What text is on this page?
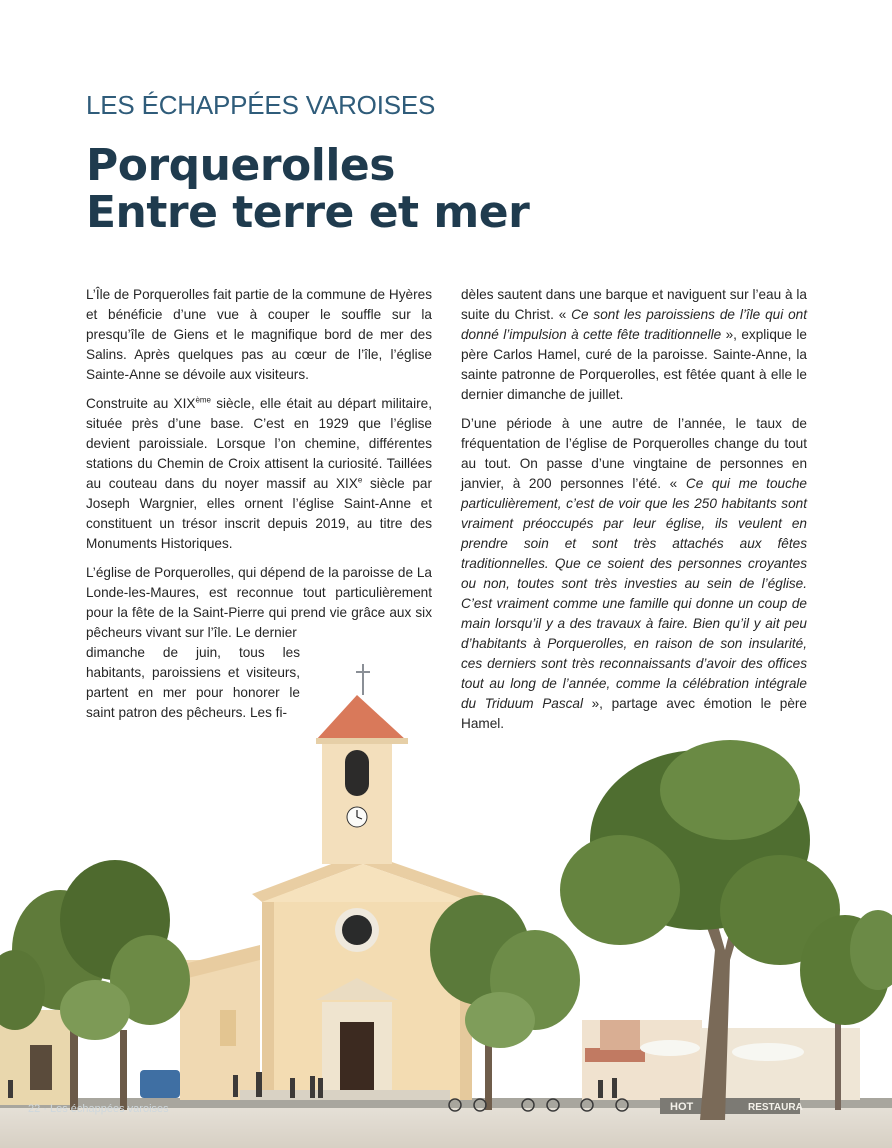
LES ÉCHAPPÉES VAROISES
Porquerolles
Entre terre et mer

L’Île de Porquerolles fait partie de la commune de Hyères et bénéficie d’une vue à couper le souffle sur la presqu’île de Giens et le magnifique bord de mer des Salins. Après quelques pas au cœur de l’île, l’église Sainte-Anne se dévoile aux visiteurs.

Construite au XIXème siècle, elle était au départ militaire, située près d’une base. C’est en 1929 que l’église devient paroissiale. Lorsque l’on chemine, différentes stations du Chemin de Croix attisent la curiosité. Taillées au couteau dans du noyer massif au XIXe siècle par Joseph Wargnier, elles ornent l’église Saint-Anne et constituent un trésor inscrit depuis 2019, au titre des Monuments Historiques.

L’église de Porquerolles, qui dépend de la paroisse de La Londe-les-Maures, est reconnue tout particulièrement pour la fête de la Saint-Pierre qui prend vie grâce aux six pêcheurs vivant sur l’île. Le dernier

dimanche de juin, tous les habitants, paroissiens et visiteurs, partent en mer pour honorer le saint patron des pêcheurs. Les fi-

dèles sautent dans une barque et naviguent sur l’eau à la suite du Christ. « Ce sont les paroissiens de l’île qui ont donné l’impulsion à cette fête traditionnelle », explique le père Carlos Hamel, curé de la paroisse. Sainte-Anne, la sainte patronne de Porquerolles, est fêtée quant à elle le dernier dimanche de juillet.

D’une période à une autre de l’année, le taux de fréquentation de l’église de Porquerolles change du tout au tout. On passe d’une vingtaine de personnes en janvier, à 200 personnes l’été. « Ce qui me touche particulièrement, c’est de voir que les 250 habitants sont vraiment préoccupés par leur église, ils veulent en prendre soin et sont très attachés aux fêtes traditionnelles. Que ce soient des personnes croyantes ou non, toutes sont très investies au sein de l’église. C’est vraiment comme une famille qui donne un coup de main lorsqu’il y a des travaux à faire. Bien qu’il y ait peu d’habitants à Porquerolles, en raison de son insularité, ces derniers sont très reconnaissants d’avoir des offices tout au long de l’année, comme la célébration intégrale du Triduum Pascal », partage avec émotion le père Hamel.

HOT	RESTAURA
22 · Les échappées varoises
